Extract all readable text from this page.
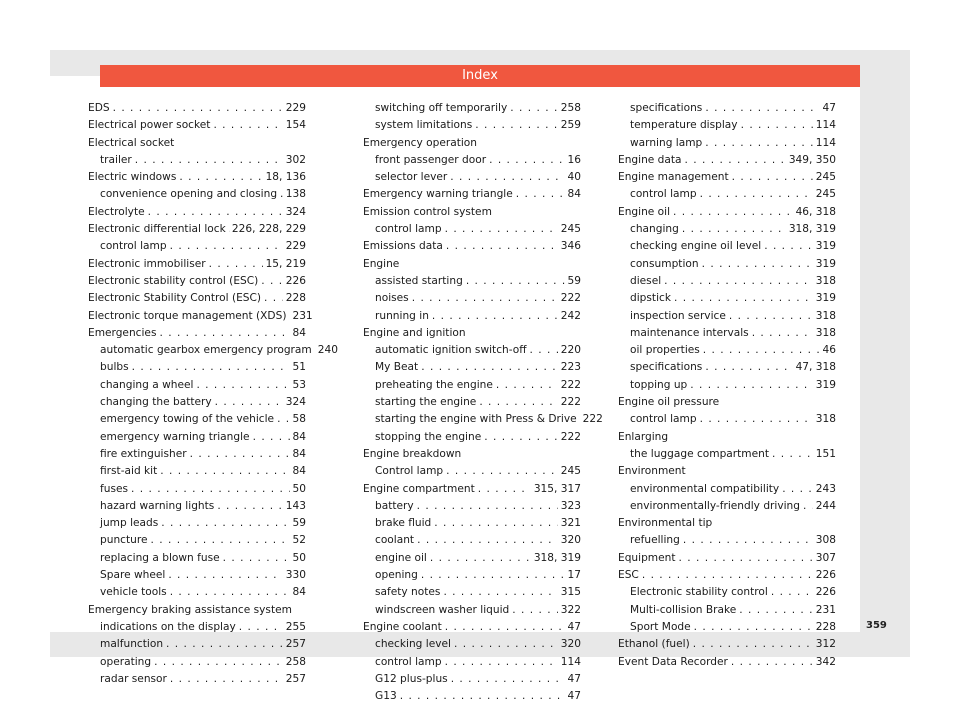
Index
EDS . . .	229
Electrical power socket . . .	154
Electrical socket
trailer . . .	302
Electric windows . . .	18, 136
convenience opening and closing . . . 138
Electrolyte . . .	324
Electronic differential lock . . . 226, 228, 229
control lamp . . .	229
Electronic immobiliser . . .	15, 219
Electronic stability control (ESC) . . .	226
Electronic Stability Control (ESC) . . . 228
Electronic torque management (XDS) 231
Emergencies . . .	84
automatic gearbox emergency program 240
bulbs . . .	51
changing a wheel . . .	53
changing the battery . . .	324
emergency towing of the vehicle . . . 58
emergency warning triangle . . .	84
fire extinguisher . . .	84
first-aid kit . . .	84
fuses . . .	50
hazard warning lights . . .	143
jump leads . . .	59
puncture . . .	52
replacing a blown fuse . . .	50
Spare wheel . . .	330
vehicle tools . . .	84
Emergency braking assistance system
indications on the display . . .	255
malfunction . . .	257
operating . . .	258
radar sensor . . .	257
switching off temporarily . . .	258
system limitations . . .	259
Emergency operation
front passenger door . . .	16
selector lever . . .	40
Emergency warning triangle . . .	84
Emission control system
control lamp . . .	245
Emissions data . . .	346
Engine
assisted starting . . .	59
noises . . .	222
running in . . .	242
Engine and ignition
automatic ignition switch-off . . .	220
My Beat . . .	223
preheating the engine . . .	222
starting the engine . . .	222
starting the engine with Press & Drive 222
stopping the engine . . .	222
Engine breakdown
Control lamp . . .	245
Engine compartment . . .	315, 317
battery . . .	323
brake fluid . . .	321
coolant . . .	320
engine oil . . .	318, 319
opening . . .	17
safety notes . . .	315
windscreen washer liquid . . .	322
Engine coolant . . .	47
checking level . . .	320
control lamp . . .	114
G12 plus-plus . . .	47
G13 . . .	47
specifications . . .	47
temperature display . . .	114
warning lamp . . .	114
Engine data . . .	349, 350
Engine management . . .	245
control lamp . . .	245
Engine oil . . .	46, 318
changing . . .	318, 319
checking engine oil level . . .	319
consumption . . .	319
diesel . . .	318
dipstick . . .	319
inspection service . . .	318
maintenance intervals . . .	318
oil properties . . .	46
specifications . . .	47, 318
topping up . . .	319
Engine oil pressure
control lamp . . .	318
Enlarging
the luggage compartment . . .	151
Environment
environmental compatibility . . .	243
environmentally-friendly driving . . . 244
Environmental tip
refuelling . . .	308
Equipment . . .	307
ESC . . .	226
Electronic stability control . . .	226
Multi-collision Brake . . .	231
Sport Mode . . .	228
Ethanol (fuel) . . .	312
Event Data Recorder . . .	342
359
